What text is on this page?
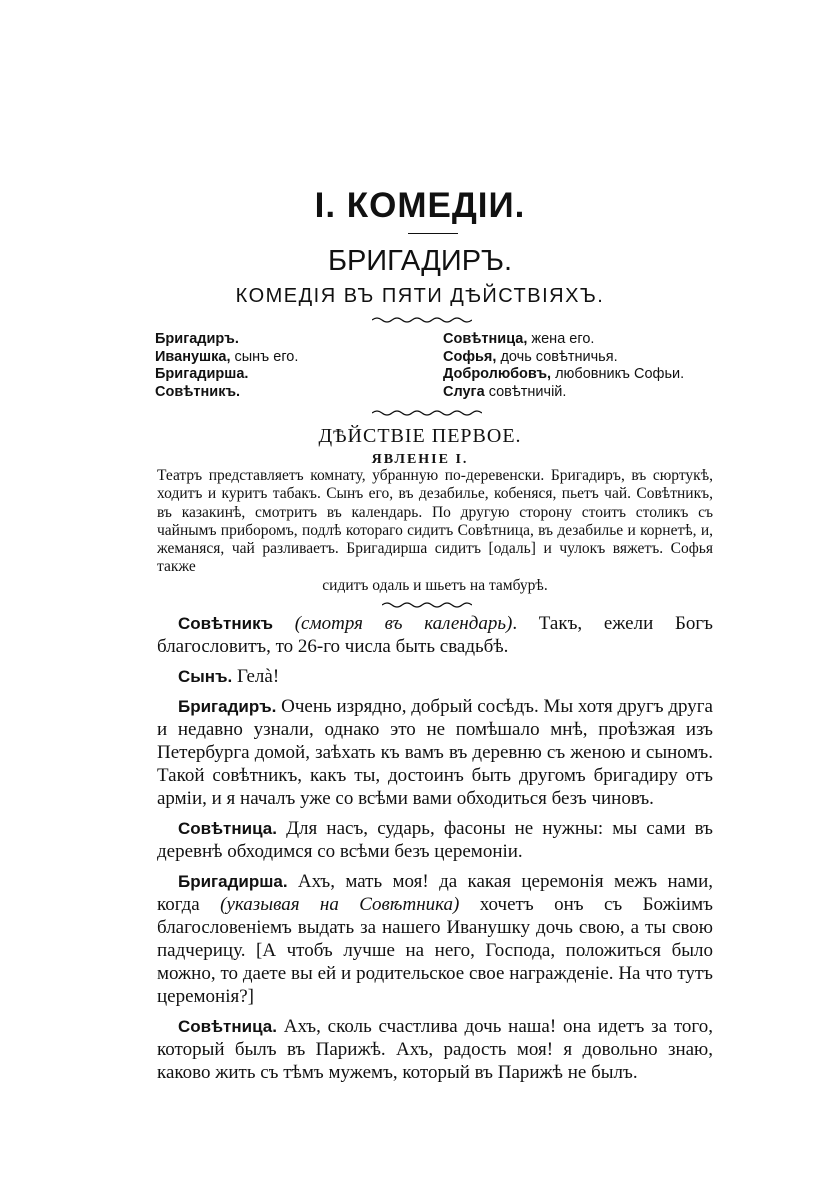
I. КОМЕДІИ.
БРИГАДИРЪ.
КОМЕДІЯ ВЪ ПЯТИ ДѢЙСТВІЯХЪ.
Бригадиръ.
Иванушка, сынъ его.
Бригадирша.
Совѣтникъ.
Совѣтница, жена его.
Софья, дочь совѣтничья.
Добролюбовъ, любовникъ Софьи.
Слуга совѣтничій.
ДѢЙСТВІЕ ПЕРВОЕ.
ЯВЛЕНІЕ I.

Театръ представляетъ комнату, убранную по-деревенски. Бригадиръ, въ сюртукѣ, ходитъ и куритъ табакъ. Сынъ его, въ дезабилье, кобеняся, пьетъ чай. Совѣтникъ, въ казакинѣ, смотритъ въ календарь. По другую сторону стоитъ столикъ съ чайнымъ приборомъ, подлѣ котораго сидитъ Совѣтница, въ дезабилье и корнетѣ, и, жеманяся, чай разливаетъ. Бригадирша сидитъ [одаль] и чулокъ вяжетъ. Софья также
сидитъ одаль и шьетъ на тамбурѣ.

Совѣтникъ (смотря въ календарь). Такъ, ежели Богъ благословитъ, то 26-го числа быть свадьбѣ.

Сынъ. Гелà!

Бригадиръ. Очень изрядно, добрый сосѣдъ. Мы хотя другъ друга и недавно узнали, однако это не помѣшало мнѣ, проѣзжая изъ Петербурга домой, заѣхать къ вамъ въ деревню съ женою и сыномъ. Такой совѣтникъ, какъ ты, достоинъ быть другомъ бригадиру отъ арміи, и я началъ уже со всѣми вами обходиться безъ чиновъ.

Совѣтница. Для насъ, сударь, фасоны не нужны: мы сами въ деревнѣ обходимся со всѣми безъ церемоніи.

Бригадирша. Ахъ, мать моя! да какая церемонія межъ нами, когда (указывая на Совѣтника) хочетъ онъ съ Божіимъ благословеніемъ выдать за нашего Иванушку дочь свою, а ты свою падчерицу. [А чтобъ лучше на него, Господа, положиться было можно, то даете вы ей и родительское свое награжденіе. На что тутъ церемонія?]

Совѣтница. Ахъ, сколь счастлива дочь наша! она идетъ за того, который былъ въ Парижѣ. Ахъ, радость моя! я довольно знаю, каково жить съ тѣмъ мужемъ, который въ Парижѣ не былъ.
